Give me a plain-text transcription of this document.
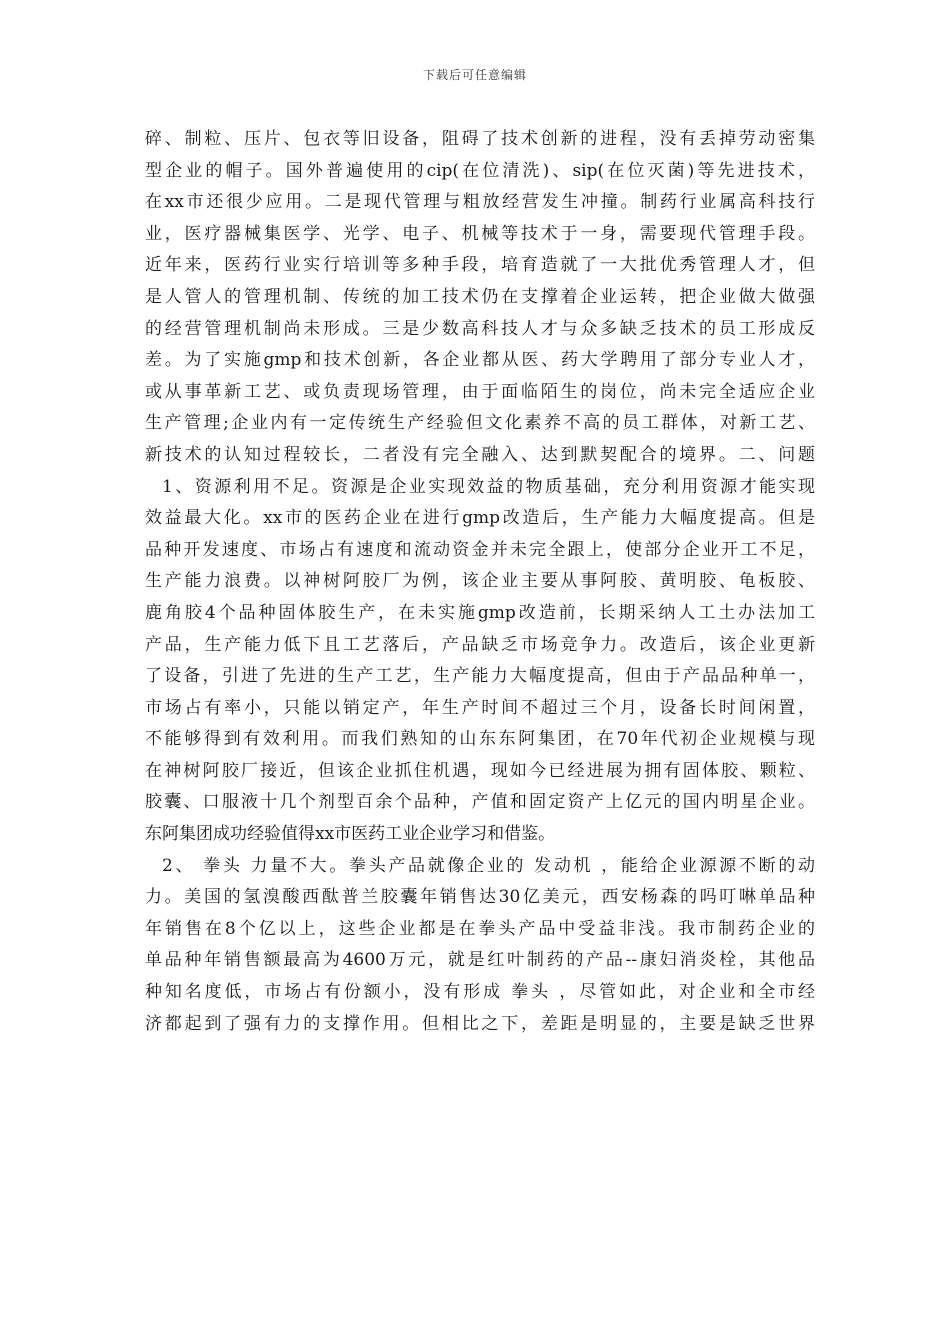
下载后可任意编辑
碎、制粒、压片、包衣等旧设备，阻碍了技术创新的进程，没有丢掉劳动密集
型企业的帽子。国外普遍使用的cip(在位清洗)、sip(在位灭菌)等先进技术，
在xx市还很少应用。二是现代管理与粗放经营发生冲撞。制药行业属高科技行
业，医疗器械集医学、光学、电子、机械等技术于一身，需要现代管理手段。
近年来，医药行业实行培训等多种手段，培育造就了一大批优秀管理人才，但
是人管人的管理机制、传统的加工技术仍在支撑着企业运转，把企业做大做强
的经营管理机制尚未形成。三是少数高科技人才与众多缺乏技术的员工形成反
差。为了实施gmp和技术创新，各企业都从医、药大学聘用了部分专业人才，
或从事革新工艺、或负责现场管理，由于面临陌生的岗位，尚未完全适应企业
生产管理;企业内有一定传统生产经验但文化素养不高的员工群体，对新工艺、
新技术的认知过程较长，二者没有完全融入、达到默契配合的境界。二、问题
1、资源利用不足。资源是企业实现效益的物质基础，充分利用资源才能实现
效益最大化。xx市的医药企业在进行gmp改造后，生产能力大幅度提高。但是
品种开发速度、市场占有速度和流动资金并未完全跟上，使部分企业开工不足，
生产能力浪费。以神树阿胶厂为例，该企业主要从事阿胶、黄明胶、龟板胶、
鹿角胶4个品种固体胶生产，在未实施gmp改造前，长期采纳人工土办法加工
产品，生产能力低下且工艺落后，产品缺乏市场竞争力。改造后，该企业更新
了设备，引进了先进的生产工艺，生产能力大幅度提高，但由于产品品种单一，
市场占有率小，只能以销定产，年生产时间不超过三个月，设备长时间闲置，
不能够得到有效利用。而我们熟知的山东东阿集团，在70年代初企业规模与现
在神树阿胶厂接近，但该企业抓住机遇，现如今已经进展为拥有固体胶、颗粒、
胶囊、口服液十几个剂型百余个品种，产值和固定资产上亿元的国内明星企业。
东阿集团成功经验值得xx市医药工业企业学习和借鉴。
2、 拳头 力量不大。拳头产品就像企业的 发动机 ，能给企业源源不断的动
力。美国的氢溴酸西酞普兰胶囊年销售达30亿美元，西安杨森的吗叮啉单品种
年销售在8个亿以上，这些企业都是在拳头产品中受益非浅。我市制药企业的
单品种年销售额最高为4600万元，就是红叶制药的产品--康妇消炎栓，其他品
种知名度低，市场占有份额小，没有形成 拳头 ，尽管如此，对企业和全市经
济都起到了强有力的支撑作用。但相比之下，差距是明显的，主要是缺乏世界
